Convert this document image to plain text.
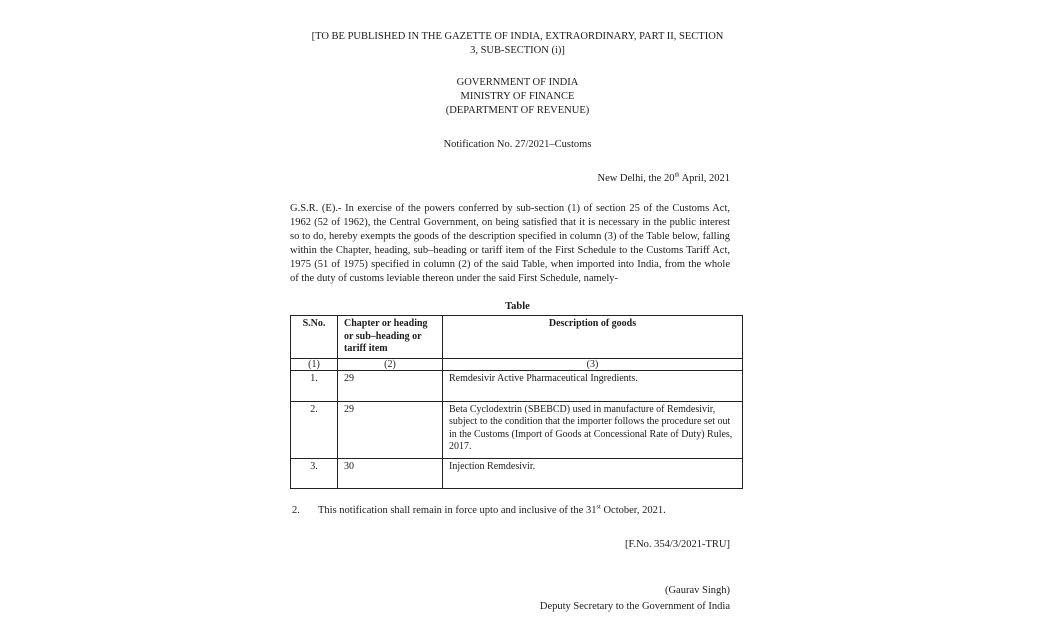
[TO BE PUBLISHED IN THE GAZETTE OF INDIA, EXTRAORDINARY, PART II, SECTION
3, SUB-SECTION (i)]
GOVERNMENT OF INDIA
MINISTRY OF FINANCE
(DEPARTMENT OF REVENUE)
Notification No. 27/2021–Customs
New Delhi, the 20th April, 2021
G.S.R. (E).- In exercise of the powers conferred by sub-section (1) of section 25 of the Customs Act, 1962 (52 of 1962), the Central Government, on being satisfied that it is necessary in the public interest so to do, hereby exempts the goods of the description specified in column (3) of the Table below, falling within the Chapter, heading, sub–heading or tariff item of the First Schedule to the Customs Tariff Act, 1975 (51 of 1975) specified in column (2) of the said Table, when imported into India, from the whole of the duty of customs leviable thereon under the said First Schedule, namely-
Table
S.No.	Chapter or heading or sub–heading or tariff item	Description of goods
(1)	(2)	(3)
1.	29	Remdesivir Active Pharmaceutical Ingredients.
2.	29	Beta Cyclodextrin (SBEBCD) used in manufacture of Remdesivir, subject to the condition that the importer follows the procedure set out in the Customs (Import of Goods at Concessional Rate of Duty) Rules, 2017.
3.	30	Injection Remdesivir.
2. This notification shall remain in force upto and inclusive of the 31st October, 2021.
[F.No. 354/3/2021-TRU]
(Gaurav Singh)
Deputy Secretary to the Government of India
